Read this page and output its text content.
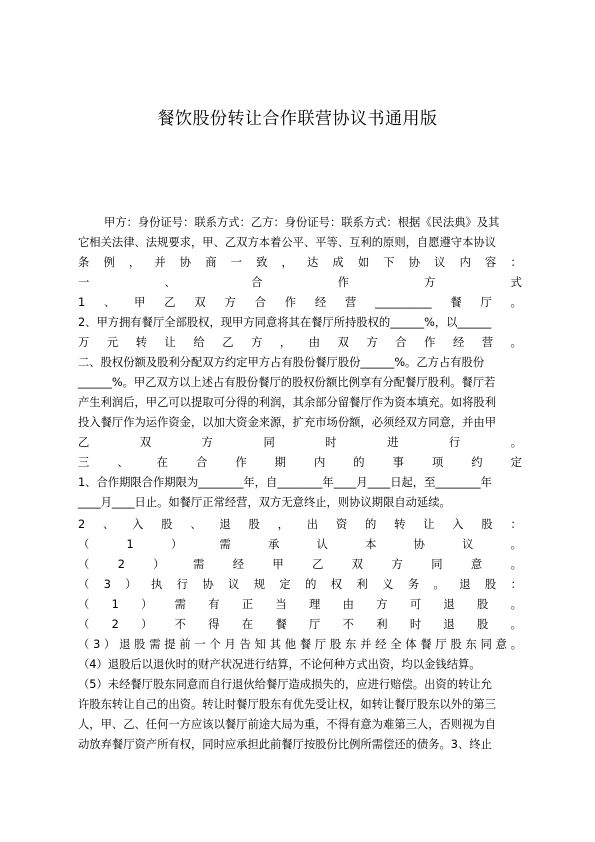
餐饮股份转让合作联营协议书通用版
甲方：身份证号：联系方式：乙方：身份证号：联系方式：根据《民法典》及其
它相关法律、法规要求，甲、乙双方本着公平、平等、互利的原则，自愿遵守本协议
条 例 ， 并 协 商 一 致 ， 达 成 如 下 协 议 内 容 ：
一	、	合	作	方	式
1 、 甲 乙 双 方 合 作 经 营 __________ 餐 厅 。
2、甲方拥有餐厅全部股权，现甲方同意将其在餐厅所持股权的______%，以______
万 元 转 让 给 乙 方 ， 由 双 方 合 作 经 营 。
二、股权份额及股利分配双方约定甲方占有股份餐厅股份______%。乙方占有股份
______%。甲乙双方以上述占有股份餐厅的股权份额比例享有分配餐厅股利。餐厅若
产生利润后，甲乙可以提取可分得的利润，其余部分留餐厅作为资本填充。如将股利
投入餐厅作为运作资金，以加大资金来源，扩充市场份额，必须经双方同意，并由甲
乙	双	方	同	时	进	行	。
三 、 在 合 作 期 内 的 事 项 约 定
1、合作期限合作期限为________年，自________年____月____日起，至________年
____月____日止。如餐厅正常经营，双方无意终止，则协议期限自动延续。
2 、 入 股 、 退 股 ， 出 资 的 转 让 入 股 ：
（	1	）	需	承	认	本	协	议	。
（	2	）	需	经	甲	乙	双	方	同	意	。
（ 3 ） 执 行 协 议 规 定 的 权 利 义 务 。 退 股 ：
（ 1 ） 需 有 正 当 理 由 方 可 退 股 。
（ 2 ） 不 得 在 餐 厅 不 利 时 退 股 。
（ 3 ） 退 股 需 提 前 一 个 月 告 知 其 他 餐 厅 股 东 并 经 全 体 餐 厅 股 东 同 意 。
（4）退股后以退伙时的财产状况进行结算，不论何种方式出资，均以金钱结算。
（5）未经餐厅股东同意而自行退伙给餐厅造成损失的，应进行赔偿。出资的转让允
许股东转让自己的出资。转让时餐厅股东有优先受让权，如转让餐厅股东以外的第三
人，甲、乙、任何一方应该以餐厅前途大局为重，不得有意为难第三人，否则视为自
动放弃餐厅资产所有权，同时应承担此前餐厅按股份比例所需偿还的债务。3、终止
